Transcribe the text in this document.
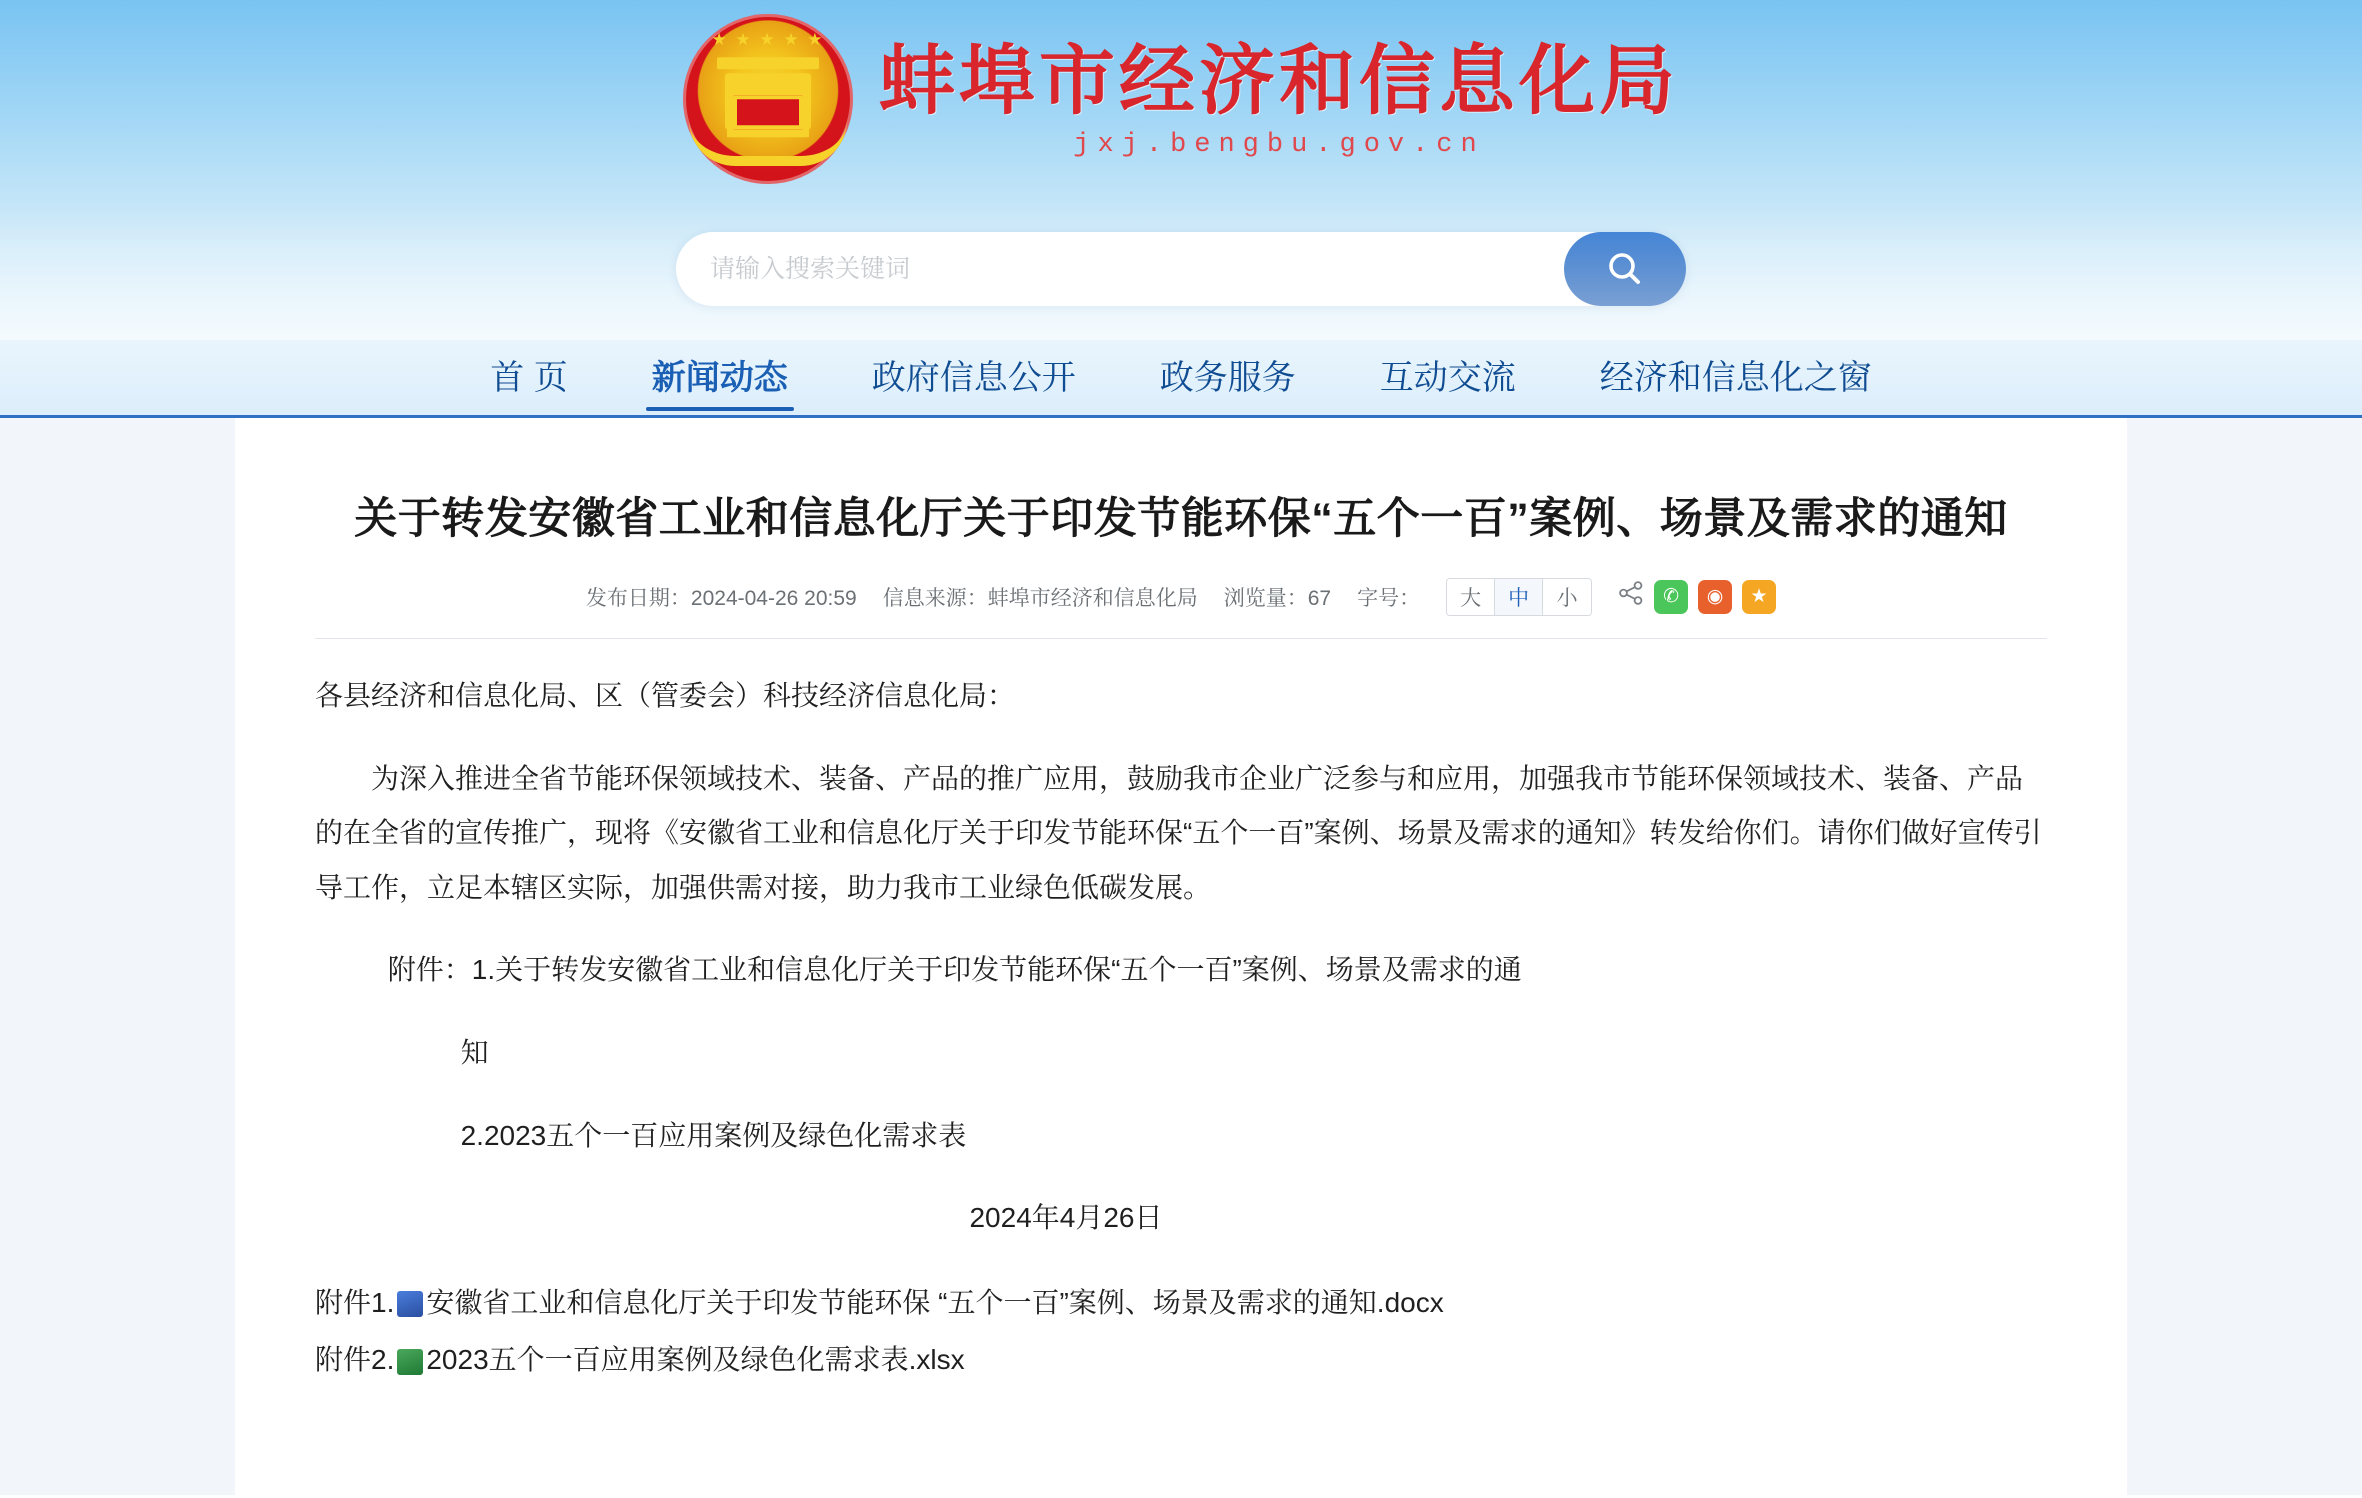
★ ★ ★ ★ ★ 蚌埠市经济和信息化局
jxj.bengbu.gov.cn
请输入搜索关键词
首 页	新闻动态	政府信息公开	政务服务	互动交流	经济和信息化之窗
关于转发安徽省工业和信息化厅关于印发节能环保“五个一百”案例、场景及需求的通知
发布日期：2024-04-26 20:59 信息来源：蚌埠市经济和信息化局 浏览量：67 字号：	大	中	小	✆	◉	★

各县经济和信息化局、区（管委会）科技经济信息化局：

为深入推进全省节能环保领域技术、装备、产品的推广应用，鼓励我市企业广泛参与和应用，加强我市节能环保领域技术、装备、产品的在全省的宣传推广，现将《安徽省工业和信息化厅关于印发节能环保“五个一百”案例、场景及需求的通知》转发给你们。请你们做好宣传引导工作，立足本辖区实际，加强供需对接，助力我市工业绿色低碳发展。

附件：1.关于转发安徽省工业和信息化厅关于印发节能环保“五个一百”案例、场景及需求的通

知

2.2023五个一百应用案例及绿色化需求表

2024年4月26日

附件1. 安徽省工业和信息化厅关于印发节能环保 “五个一百”案例、场景及需求的通知.docx
附件2. 2023五个一百应用案例及绿色化需求表.xlsx
